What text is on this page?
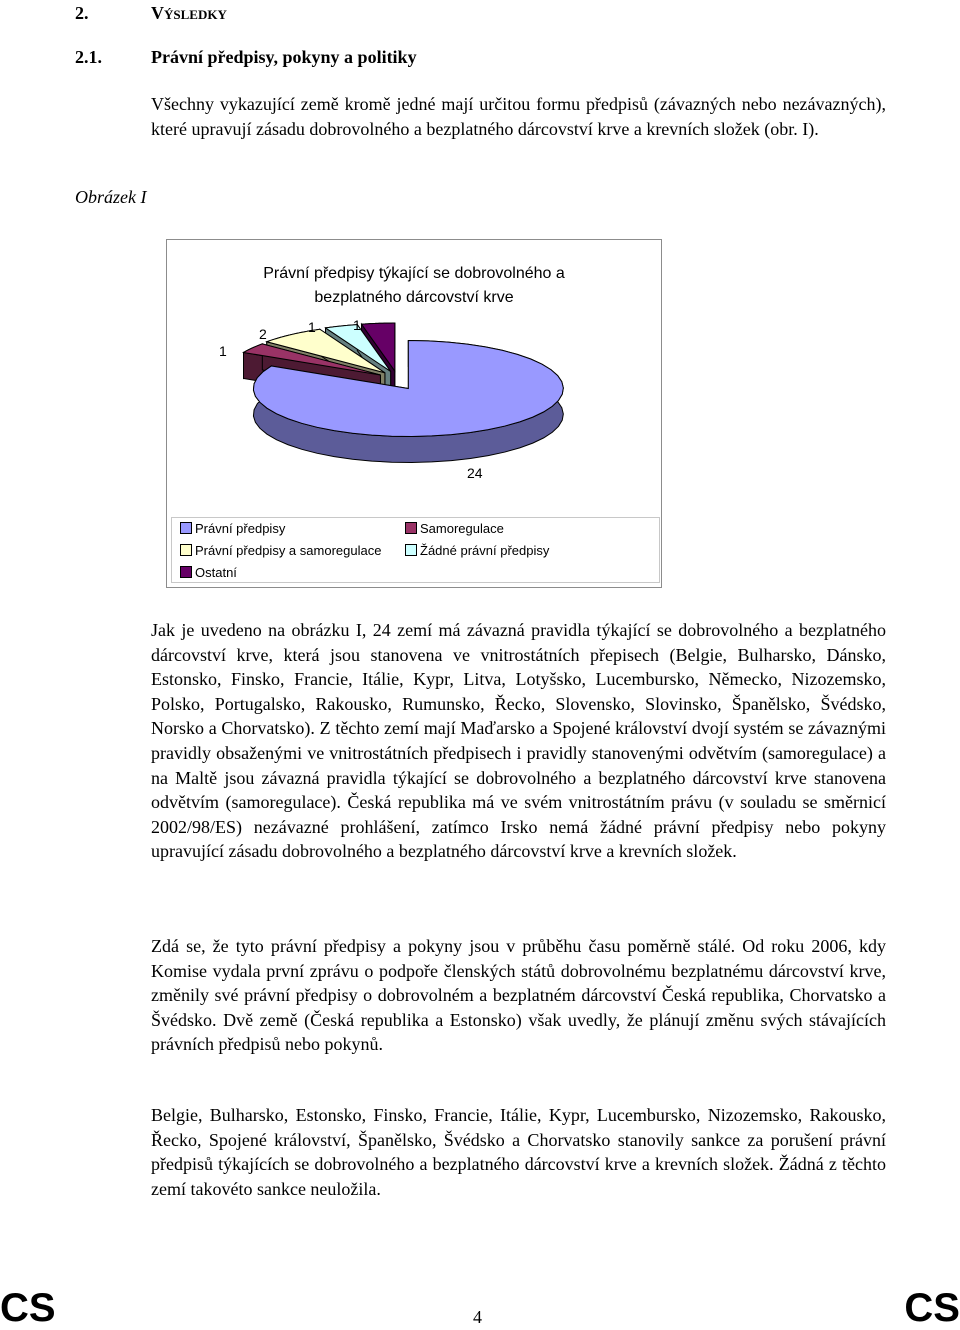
2.	Výsledky
2.1.	Právní předpisy, pokyny a politiky
Všechny vykazující země kromě jedné mají určitou formu předpisů (závazných nebo nezávazných), které upravují zásadu dobrovolného a bezplatného dárcovství krve a krevních složek (obr. I).
Obrázek I
Právní předpisy týkající se dobrovolného a
bezplatného dárcovství krve
24
1
2	1	1
Právní předpisy	Samoregulace
Právní předpisy a samoregulace	Žádné právní předpisy
Ostatní
Jak je uvedeno na obrázku I, 24 zemí má závazná pravidla týkající se dobrovolného a bezplatného dárcovství krve, která jsou stanovena ve vnitrostátních přepisech (Belgie, Bulharsko, Dánsko, Estonsko, Finsko, Francie, Itálie, Kypr, Litva, Lotyšsko, Lucembursko, Německo, Nizozemsko, Polsko, Portugalsko, Rakousko, Rumunsko, Řecko, Slovensko, Slovinsko, Španělsko, Švédsko, Norsko a Chorvatsko). Z těchto zemí mají Maďarsko a Spojené království dvojí systém se závaznými pravidly obsaženými ve vnitrostátních předpisech i pravidly stanovenými odvětvím (samoregulace) a na Maltě jsou závazná pravidla týkající se dobrovolného a bezplatného dárcovství krve stanovena odvětvím (samoregulace). Česká republika má ve svém vnitrostátním právu (v souladu se směrnicí 2002/98/ES) nezávazné prohlášení, zatímco Irsko nemá žádné právní předpisy nebo pokyny upravující zásadu dobrovolného a bezplatného dárcovství krve a krevních složek.
Zdá se, že tyto právní předpisy a pokyny jsou v průběhu času poměrně stálé. Od roku 2006, kdy Komise vydala první zprávu o podpoře členských států dobrovolnému bezplatnému dárcovství krve, změnily své právní předpisy o dobrovolném a bezplatném dárcovství Česká republika, Chorvatsko a Švédsko. Dvě země (Česká republika a Estonsko) však uvedly, že plánují změnu svých stávajících právních předpisů nebo pokynů.
Belgie, Bulharsko, Estonsko, Finsko, Francie, Itálie, Kypr, Lucembursko, Nizozemsko, Rakousko, Řecko, Spojené království, Španělsko, Švédsko a Chorvatsko stanovily sankce za porušení právní předpisů týkajících se dobrovolného a bezplatného dárcovství krve a krevních složek. Žádná z těchto zemí takovéto sankce neuložila.
CS	4	CS
